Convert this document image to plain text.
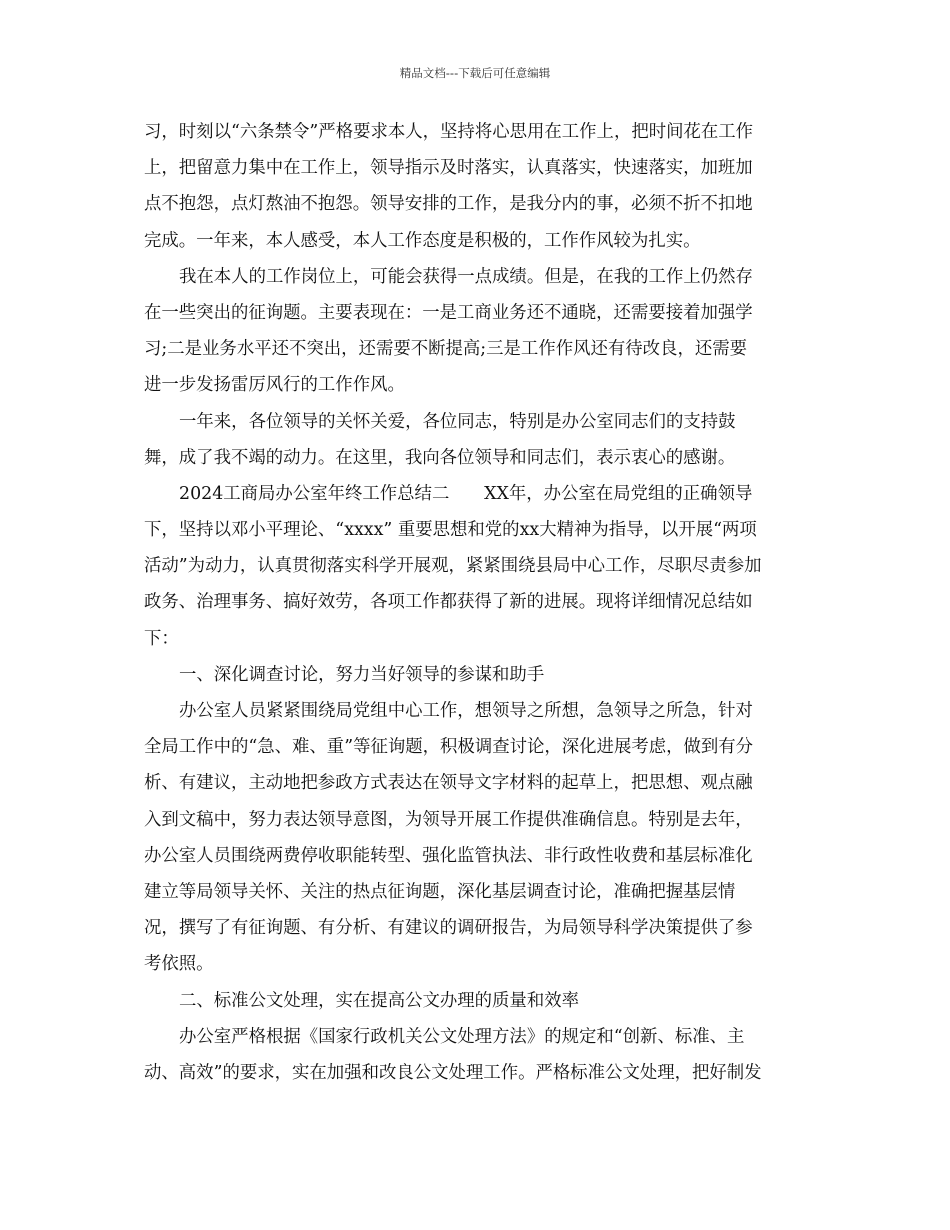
精品文档---下载后可任意编辑
习，时刻以“六条禁令”严格要求本人，坚持将心思用在工作上，把时间花在工作
上，把留意力集中在工作上，领导指示及时落实，认真落实，快速落实，加班加
点不抱怨，点灯熬油不抱怨。领导安排的工作，是我分内的事，必须不折不扣地
完成。一年来，本人感受，本人工作态度是积极的，工作作风较为扎实。
我在本人的工作岗位上，可能会获得一点成绩。但是，在我的工作上仍然存
在一些突出的征询题。主要表现在：一是工商业务还不通晓，还需要接着加强学
习;二是业务水平还不突出，还需要不断提高;三是工作作风还有待改良，还需要
进一步发扬雷厉风行的工作作风。
一年来，各位领导的关怀关爱，各位同志，特别是办公室同志们的支持鼓
舞，成了我不竭的动力。在这里，我向各位领导和同志们，表示衷心的感谢。
2024工商局办公室年终工作总结二　　XX年，办公室在局党组的正确领导
下，坚持以邓小平理论、“xxxx” 重要思想和党的xx大精神为指导，以开展“两项
活动”为动力，认真贯彻落实科学开展观，紧紧围绕县局中心工作，尽职尽责参加
政务、治理事务、搞好效劳，各项工作都获得了新的进展。现将详细情况总结如
下：
一、深化调查讨论，努力当好领导的参谋和助手
办公室人员紧紧围绕局党组中心工作，想领导之所想，急领导之所急，针对
全局工作中的“急、难、重”等征询题，积极调查讨论，深化进展考虑，做到有分
析、有建议，主动地把参政方式表达在领导文字材料的起草上，把思想、观点融
入到文稿中，努力表达领导意图，为领导开展工作提供准确信息。特别是去年，
办公室人员围绕两费停收职能转型、强化监管执法、非行政性收费和基层标准化
建立等局领导关怀、关注的热点征询题，深化基层调查讨论，准确把握基层情
况，撰写了有征询题、有分析、有建议的调研报告，为局领导科学决策提供了参
考依照。
二、标准公文处理，实在提高公文办理的质量和效率
办公室严格根据《国家行政机关公文处理方法》的规定和“创新、标准、主
动、高效”的要求，实在加强和改良公文处理工作。严格标准公文处理，把好制发
